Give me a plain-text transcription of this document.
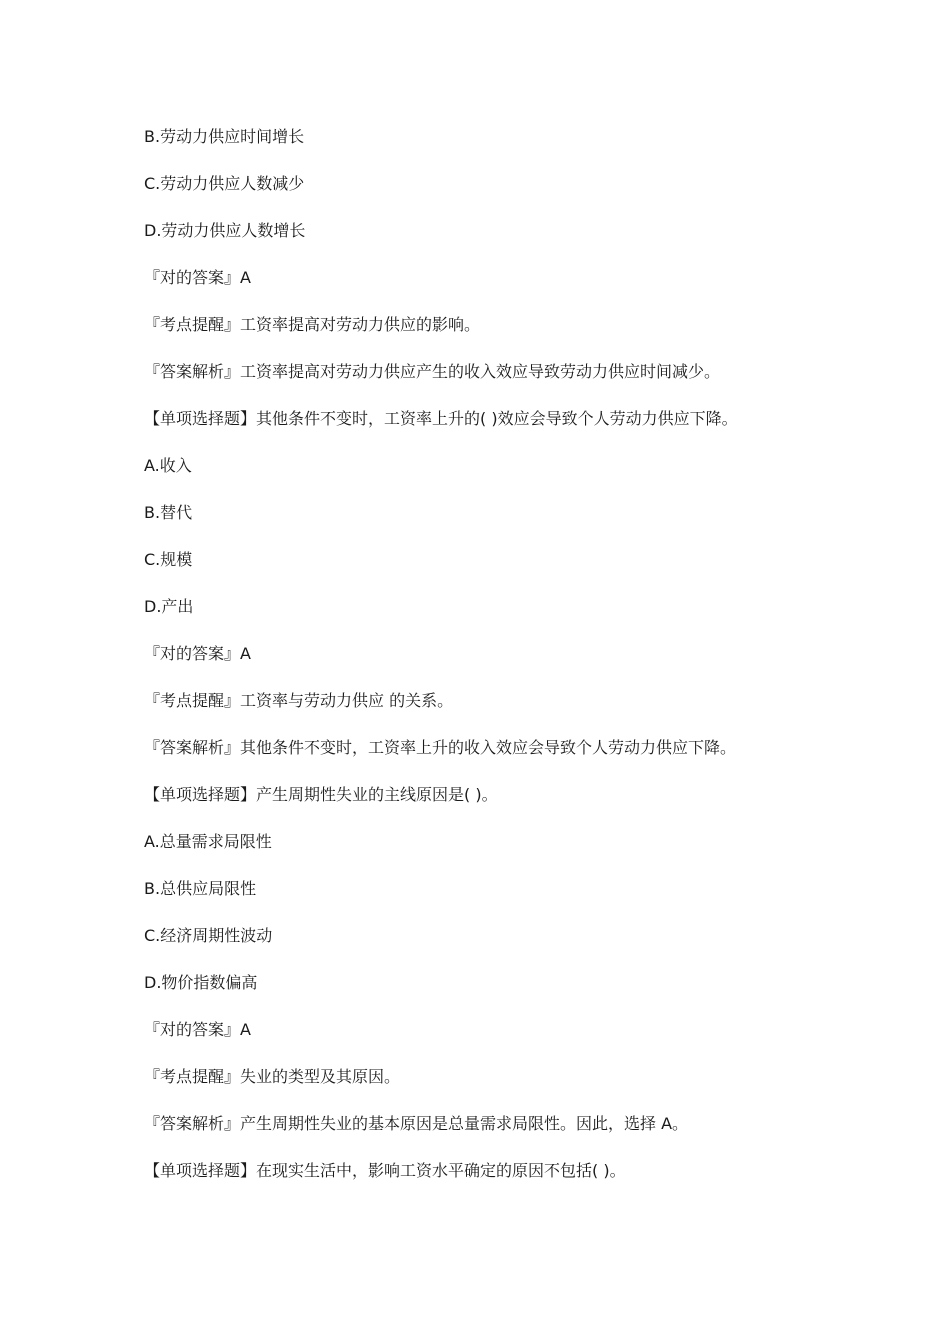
B.劳动力供应时间增长
C.劳动力供应人数减少
D.劳动力供应人数增长
『对的答案』A
『考点提醒』工资率提高对劳动力供应的影响。
『答案解析』工资率提高对劳动力供应产生的收入效应导致劳动力供应时间减少。
【单项选择题】其他条件不变时，工资率上升的( )效应会导致个人劳动力供应下降。
A.收入
B.替代
C.规模
D.产出
『对的答案』A
『考点提醒』工资率与劳动力供应 的关系。
『答案解析』其他条件不变时，工资率上升的收入效应会导致个人劳动力供应下降。
【单项选择题】产生周期性失业的主线原因是( )。
A.总量需求局限性
B.总供应局限性
C.经济周期性波动
D.物价指数偏高
『对的答案』A
『考点提醒』失业的类型及其原因。
『答案解析』产生周期性失业的基本原因是总量需求局限性。因此，选择 A。
【单项选择题】在现实生活中，影响工资水平确定的原因不包括( )。
